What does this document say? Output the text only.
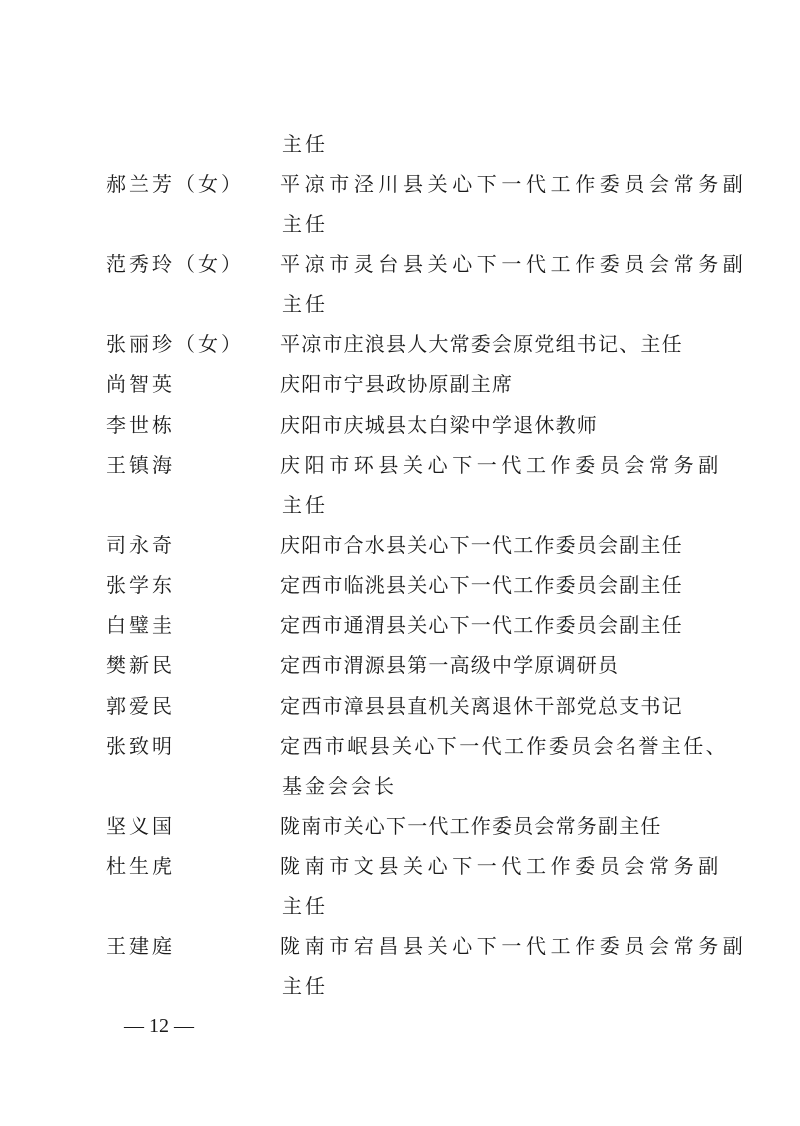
主任
郝兰芳（女） 平凉市泾川县关心下一代工作委员会常务副
主任
范秀玲（女） 平凉市灵台县关心下一代工作委员会常务副
主任
张丽珍（女） 平凉市庄浪县人大常委会原党组书记、主任
尚智英	庆阳市宁县政协原副主席
李世栋	庆阳市庆城县太白梁中学退休教师
王镇海	庆阳市环县关心下一代工作委员会常务副
主任
司永奇	庆阳市合水县关心下一代工作委员会副主任
张学东	定西市临洮县关心下一代工作委员会副主任
白璧圭	定西市通渭县关心下一代工作委员会副主任
樊新民	定西市渭源县第一高级中学原调研员
郭爱民	定西市漳县县直机关离退休干部党总支书记
张致明	定西市岷县关心下一代工作委员会名誉主任、
基金会会长
坚义国	陇南市关心下一代工作委员会常务副主任
杜生虎	陇南市文县关心下一代工作委员会常务副
主任
王建庭	陇南市宕昌县关心下一代工作委员会常务副
主任
— 12 —
